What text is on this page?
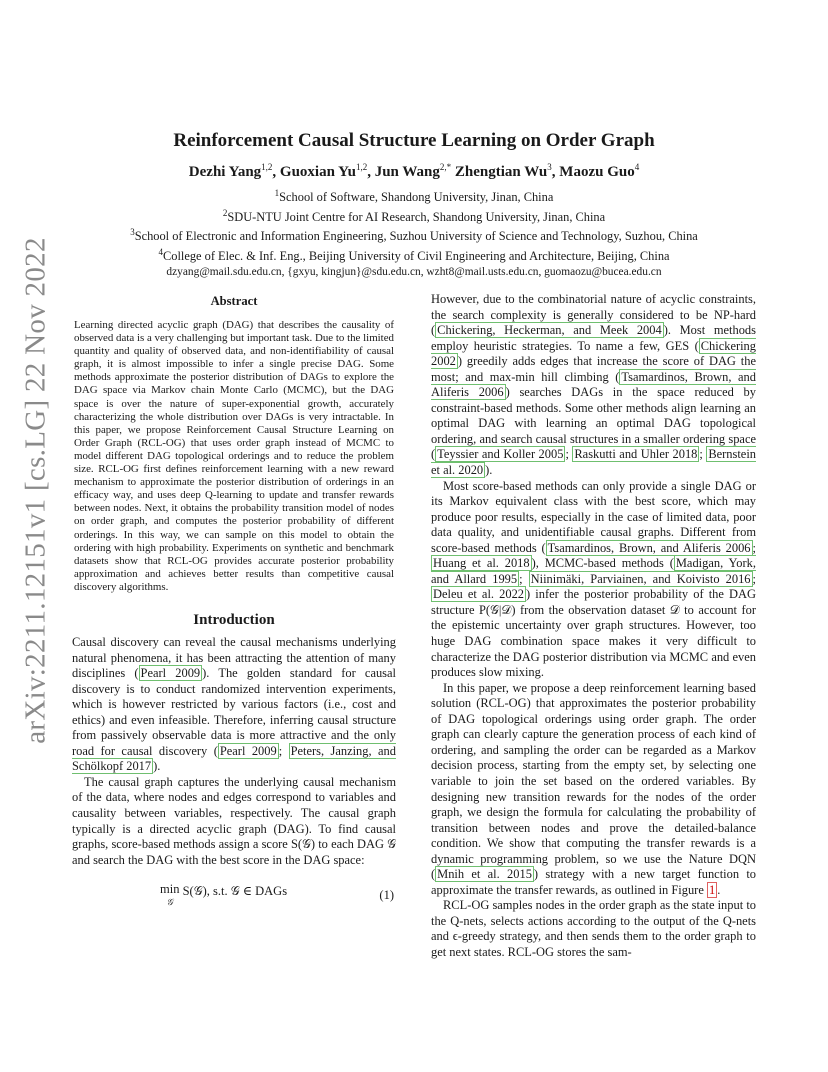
arXiv:2211.12151v1 [cs.LG] 22 Nov 2022
Reinforcement Causal Structure Learning on Order Graph
Dezhi Yang$^{1,2}$, Guoxian Yu$^{1,2}$, Jun Wang$^{2,*}$ Zhengtian Wu$^3$, Maozu Guo$^4$
$^1$School of Software, Shandong University, Jinan, China
$^2$SDU-NTU Joint Centre for AI Research, Shandong University, Jinan, China
$^3$School of Electronic and Information Engineering, Suzhou University of Science and Technology, Suzhou, China
$^4$College of Elec. & Inf. Eng., Beijing University of Civil Engineering and Architecture, Beijing, China
dzyang@mail.sdu.edu.cn, {gxyu, kingjun}@sdu.edu.cn, wzht8@mail.usts.edu.cn, guomaozu@bucea.edu.cn
Abstract
Learning directed acyclic graph (DAG) that describes the causality of observed data is a very challenging but important task. Due to the limited quantity and quality of observed data, and non-identifiability of causal graph, it is almost impossible to infer a single precise DAG. Some methods approximate the posterior distribution of DAGs to explore the DAG space via Markov chain Monte Carlo (MCMC), but the DAG space is over the nature of super-exponential growth, accurately characterizing the whole distribution over DAGs is very intractable. In this paper, we propose Reinforcement Causal Structure Learning on Order Graph (RCL-OG) that uses order graph instead of MCMC to model different DAG topological orderings and to reduce the problem size. RCL-OG first defines reinforcement learning with a new reward mechanism to approximate the posterior distribution of orderings in an efficacy way, and uses deep Q-learning to update and transfer rewards between nodes. Next, it obtains the probability transition model of nodes on order graph, and computes the posterior probability of different orderings. In this way, we can sample on this model to obtain the ordering with high probability. Experiments on synthetic and benchmark datasets show that RCL-OG provides accurate posterior probability approximation and achieves better results than competitive causal discovery algorithms.
Introduction

Causal discovery can reveal the causal mechanisms underlying natural phenomena, it has been attracting the attention of many disciplines ( Pearl 2009 ). The golden standard for causal discovery is to conduct randomized intervention experiments, which is however restricted by various factors (i.e., cost and ethics) and even infeasible. Therefore, inferring causal structure from passively observable data is more attractive and the only road for causal discovery ( Pearl 2009 ; Peters, Janzing, and Schölkopf 2017 ).

The causal graph captures the underlying causal mechanism of the data, where nodes and edges correspond to variables and causality between variables, respectively. The causal graph typically is a directed acyclic graph (DAG). To find causal graphs, score-based methods assign a score S(𝒢) to each DAG 𝒢 and search the DAG with the best score in the DAG space:

min
𝒢 S(𝒢), s.t. 𝒢 ∈ DAGs	(1)

However, due to the combinatorial nature of acyclic constraints, the search complexity is generally considered to be NP-hard ( Chickering, Heckerman, and Meek 2004 ). Most methods employ heuristic strategies. To name a few, GES ( Chickering 2002 ) greedily adds edges that increase the score of DAG the most; and max-min hill climbing ( Tsamardinos, Brown, and Aliferis 2006 ) searches DAGs in the space reduced by constraint-based methods. Some other methods align learning an optimal DAG with learning an optimal DAG topological ordering, and search causal structures in a smaller ordering space ( Teyssier and Koller 2005 ; Raskutti and Uhler 2018 ; Bernstein et al. 2020 ).

Most score-based methods can only provide a single DAG or its Markov equivalent class with the best score, which may produce poor results, especially in the case of limited data, poor data quality, and unidentifiable causal graphs. Different from score-based methods ( Tsamardinos, Brown, and Aliferis 2006 ; Huang et al. 2018 ), MCMC-based methods ( Madigan, York, and Allard 1995 ; Niinimäki, Parviainen, and Koivisto 2016 ; Deleu et al. 2022 ) infer the posterior probability of the DAG structure P(𝒢|𝒟) from the observation dataset 𝒟 to account for the epistemic uncertainty over graph structures. However, too huge DAG combination space makes it very difficult to characterize the DAG posterior distribution via MCMC and even produces slow mixing.

In this paper, we propose a deep reinforcement learning based solution (RCL-OG) that approximates the posterior probability of DAG topological orderings using order graph. The order graph can clearly capture the generation process of each kind of ordering, and sampling the order can be regarded as a Markov decision process, starting from the empty set, by selecting one variable to join the set based on the ordered variables. By designing new transition rewards for the nodes of the order graph, we design the formula for calculating the probability of transition between nodes and prove the detailed-balance condition. We show that computing the transfer rewards is a dynamic programming problem, so we use the Nature DQN ( Mnih et al. 2015 ) strategy with a new target function to approximate the transfer rewards, as outlined in Figure 1 .

RCL-OG samples nodes in the order graph as the state input to the Q-nets, selects actions according to the output of the Q-nets and ϵ-greedy strategy, and then sends them to the order graph to get next states. RCL-OG stores the sam-
